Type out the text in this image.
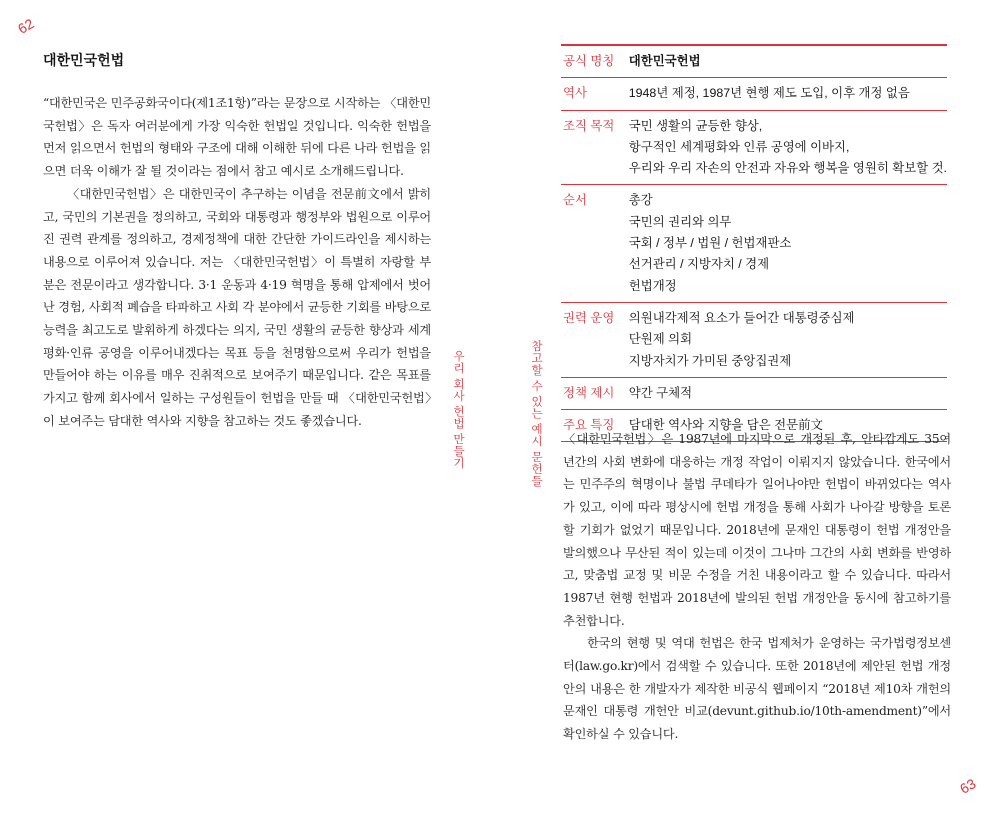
62
63
대한민국헌법

“대한민국은 민주공화국이다(제1조1항)”라는 문장으로 시작하는 〈대한민국헌법〉은 독자 여러분에게 가장 익숙한 헌법일 것입니다. 익숙한 헌법을 먼저 읽으면서 헌법의 형태와 구조에 대해 이해한 뒤에 다른 나라 헌법을 읽으면 더욱 이해가 잘 될 것이라는 점에서 참고 예시로 소개해드립니다.

〈대한민국헌법〉은 대한민국이 추구하는 이념을 전문前文에서 밝히고, 국민의 기본권을 정의하고, 국회와 대통령과 행정부와 법원으로 이루어진 권력 관계를 정의하고, 경제정책에 대한 간단한 가이드라인을 제시하는 내용으로 이루어져 있습니다. 저는 〈대한민국헌법〉이 특별히 자랑할 부분은 전문이라고 생각합니다. 3·1 운동과 4·19 혁명을 통해 압제에서 벗어난 경험, 사회적 폐습을 타파하고 사회 각 분야에서 균등한 기회를 바탕으로 능력을 최고도로 발휘하게 하겠다는 의지, 국민 생활의 균등한 향상과 세계평화·인류 공영을 이루어내겠다는 목표 등을 천명함으로써 우리가 헌법을 만들어야 하는 이유를 매우 진취적으로 보여주기 때문입니다. 같은 목표를 가지고 함께 회사에서 일하는 구성원들이 헌법을 만들 때 〈대한민국헌법〉이 보여주는 담대한 역사와 지향을 참고하는 것도 좋겠습니다.	우리 회사 헌법 만들기	참고할 수 있는 예시 문헌들
공식 명칭	대한민국헌법

역사	1948년 제정, 1987년 현행 제도 도입, 이후 개정 없음

조직 목적	국민 생활의 균등한 향상,
항구적인 세계평화와 인류 공영에 이바지,
우리와 우리 자손의 안전과 자유와 행복을 영원히 확보할 것.

순서	총강
국민의 권리와 의무
국회 / 정부 / 법원 / 헌법재판소
선거관리 / 지방자치 / 경제
헌법개정

권력 운영	의원내각제적 요소가 들어간 대통령중심제
단원제 의회
지방자치가 가미된 중앙집권제

정책 제시	약간 구체적

주요 특징	담대한 역사와 지향을 담은 전문前文

〈대한민국헌법〉은 1987년에 마지막으로 개정된 후, 안타깝게도 35여 년간의 사회 변화에 대응하는 개정 작업이 이뤄지지 않았습니다. 한국에서는 민주주의 혁명이나 불법 쿠데타가 일어나야만 헌법이 바뀌었다는 역사가 있고, 이에 따라 평상시에 헌법 개정을 통해 사회가 나아갈 방향을 토론할 기회가 없었기 때문입니다. 2018년에 문재인 대통령이 헌법 개정안을 발의했으나 무산된 적이 있는데 이것이 그나마 그간의 사회 변화를 반영하고, 맞춤법 교정 및 비문 수정을 거친 내용이라고 할 수 있습니다. 따라서 1987년 현행 헌법과 2018년에 발의된 헌법 개정안을 동시에 참고하기를 추천합니다.

한국의 현행 및 역대 헌법은 한국 법제처가 운영하는 국가법령정보센터(law.go.kr)에서 검색할 수 있습니다. 또한 2018년에 제안된 헌법 개정안의 내용은 한 개발자가 제작한 비공식 웹페이지 “2018년 제10차 개헌의 문재인 대통령 개헌안 비교(devunt.github.io/10th-amendment)”에서 확인하실 수 있습니다.
